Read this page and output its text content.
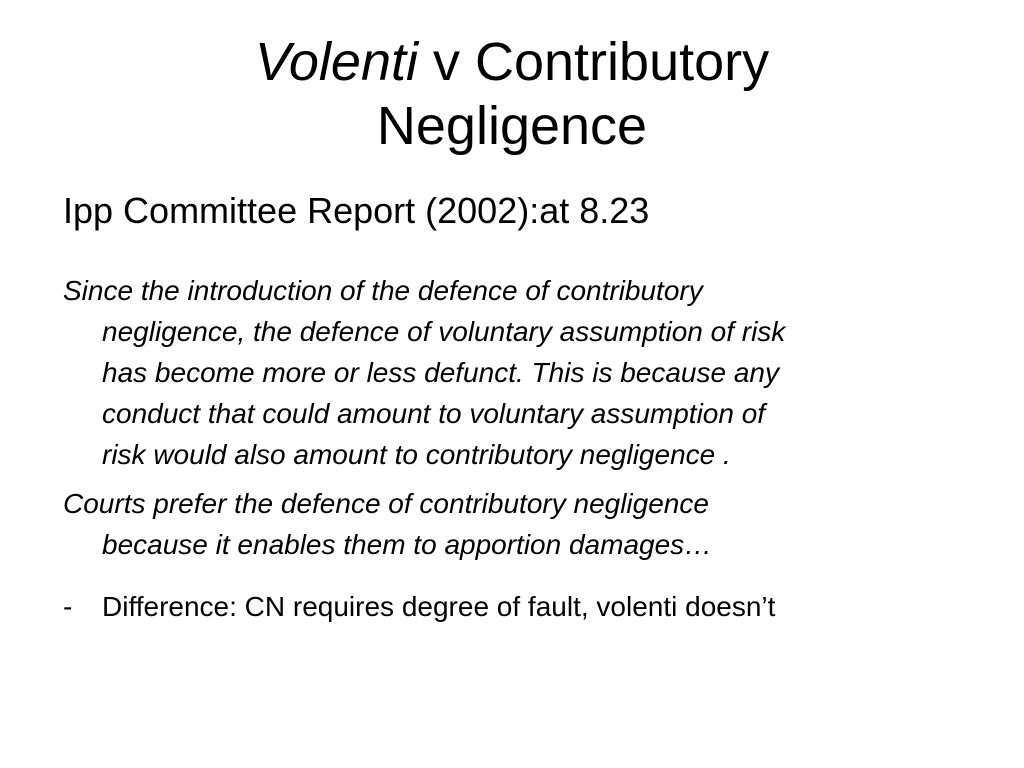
Volenti v Contributory
Negligence
Ipp Committee Report (2002):at 8.23
Since the introduction of the defence of contributory
negligence, the defence of voluntary assumption of risk
has become more or less defunct. This is because any
conduct that could amount to voluntary assumption of
risk would also amount to contributory negligence .
Courts prefer the defence of contributory negligence
because it enables them to apportion damages…
- Difference: CN requires degree of fault, volenti doesn’t
